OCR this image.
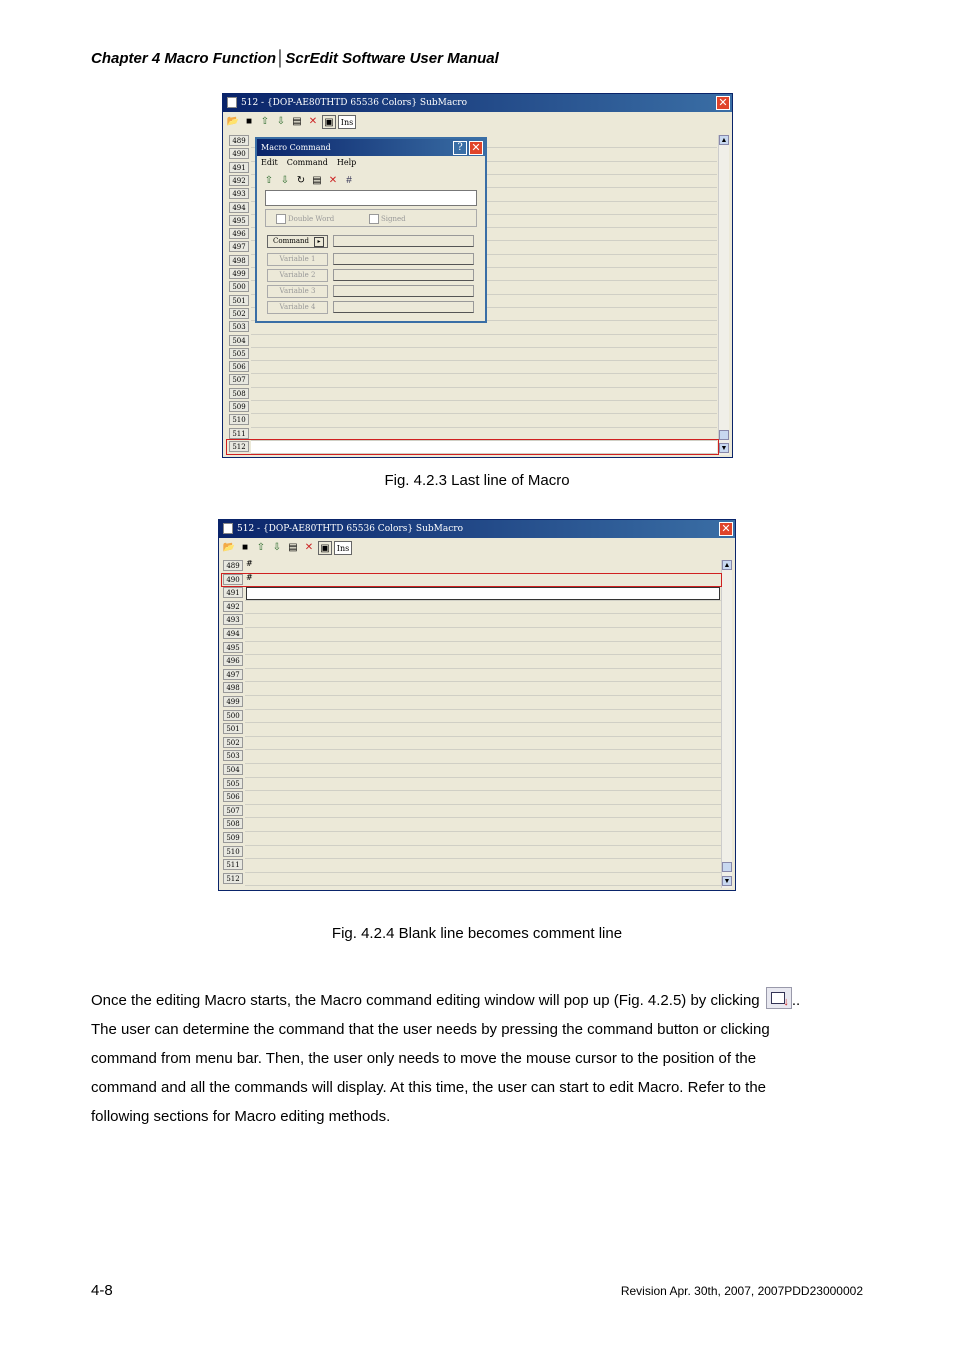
Chapter 4 Macro Function│ScrEdit Software User Manual
512 - {DOP-AE80THTD 65536 Colors} SubMacro	✕
📂 ■ ⇧ ⇩ ▤ ✕ ▣ Ins
489
490
491
492
493
494
495
496
497
498
499
500
501
502
503
504
505
506
507
508
509
510
511
512
▲
▼
Macro Command	? ✕
Edit Command Help
⇧ ⇩ ↻ ▤ ✕ #
Double Word	Signed
Command	▸
Variable 1
Variable 2
Variable 3
Variable 4
Fig. 4.2.3 Last line of Macro
512 - {DOP-AE80THTD 65536 Colors} SubMacro	✕
📂 ■ ⇧ ⇩ ▤ ✕ ▣ Ins
489
490
491
492
493
494
495
496
497
498
499
500
501
502
503
504
505
506
507
508
509
510
511
512
#
#
▲
▼
Fig. 4.2.4 Blank line becomes comment line
Once the editing Macro starts, the Macro command editing window will pop up (Fig. 4.2.5) by clicking ↓ ..
The user can determine the command that the user needs by pressing the command button or clicking
command from menu bar. Then, the user only needs to move the mouse cursor to the position of the
command and all the commands will display. At this time, the user can start to edit Macro. Refer to the
following sections for Macro editing methods.
4-8	Revision Apr. 30th, 2007, 2007PDD23000002
